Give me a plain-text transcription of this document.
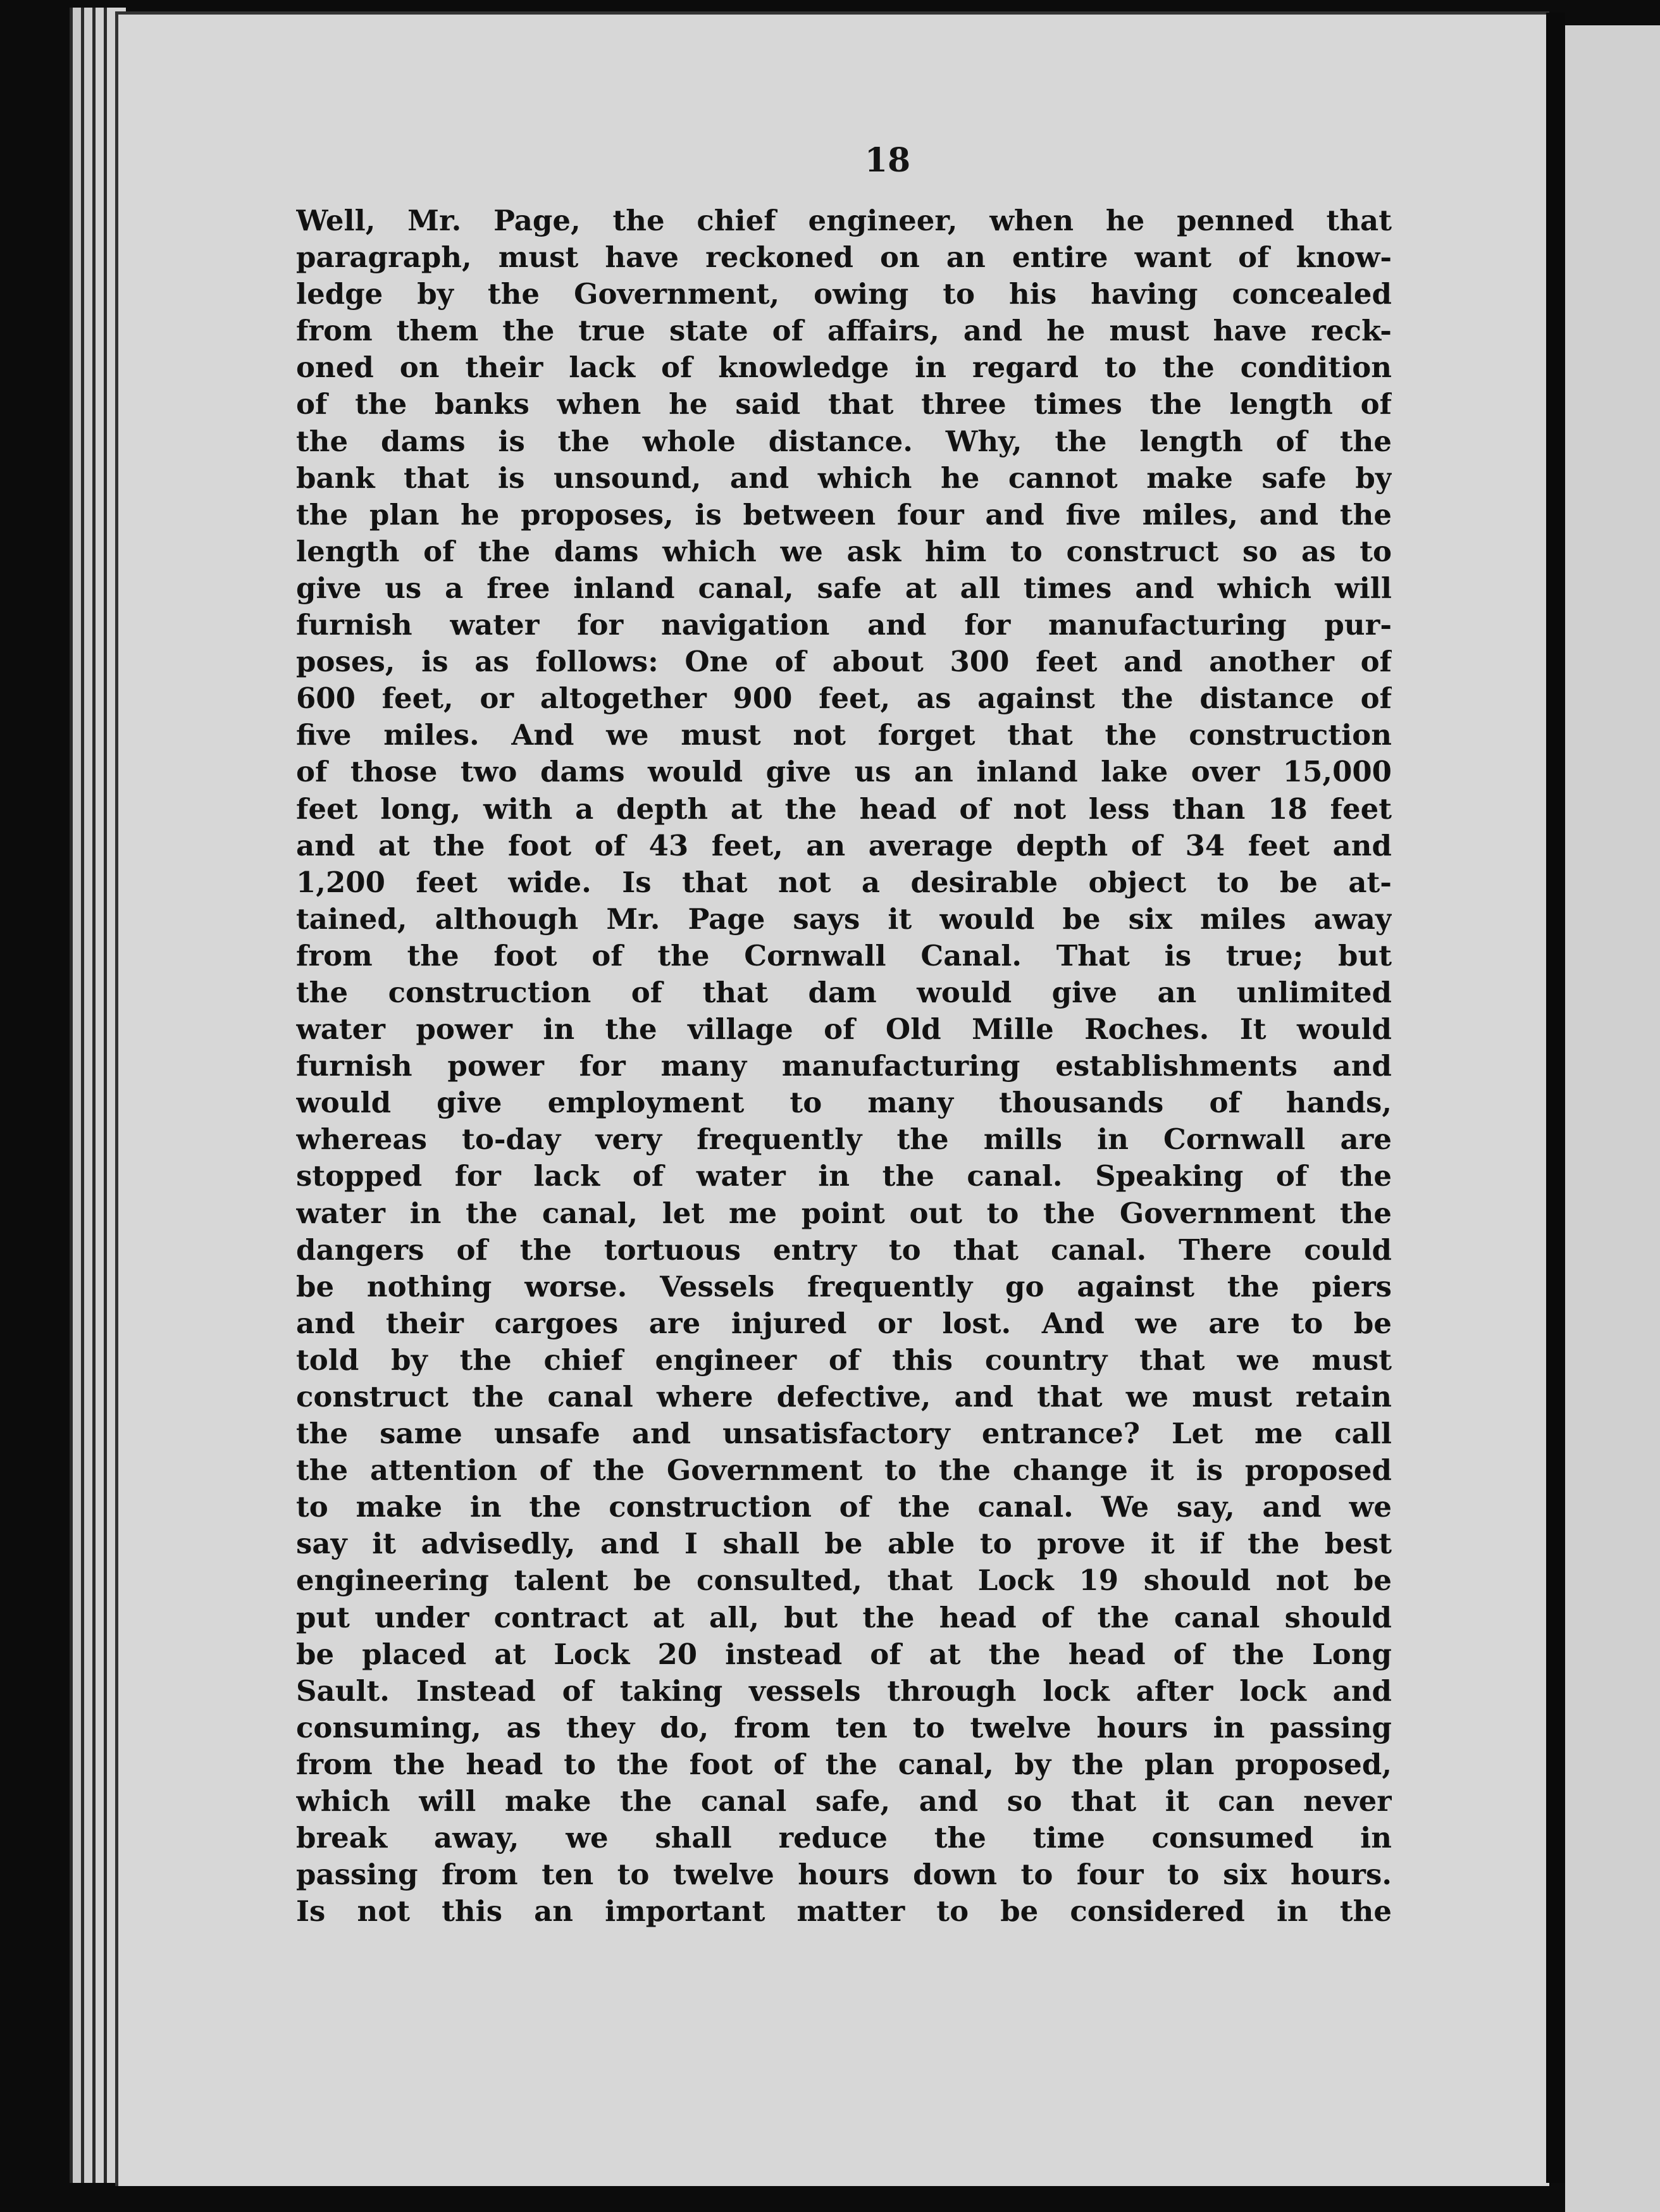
18
Well, Mr. Page, the chief engineer, when he penned that
paragraph, must have reckoned on an entire want of know-
ledge by the Government, owing to his having concealed
from them the true state of affairs, and he must have reck-
oned on their lack of knowledge in regard to the condition
of the banks when he said that three times the length of
the dams is the whole distance. Why, the length of the
bank that is unsound, and which he cannot make safe by
the plan he proposes, is between four and five miles, and the
length of the dams which we ask him to construct so as to
give us a free inland canal, safe at all times and which will
furnish water for navigation and for manufacturing pur-
poses, is as follows: One of about 300 feet and another of
600 feet, or altogether 900 feet, as against the distance of
five miles. And we must not forget that the construction
of those two dams would give us an inland lake over 15,000
feet long, with a depth at the head of not less than 18 feet
and at the foot of 43 feet, an average depth of 34 feet and
1,200 feet wide. Is that not a desirable object to be at-
tained, although Mr. Page says it would be six miles away
from the foot of the Cornwall Canal. That is true; but
the construction of that dam would give an unlimited
water power in the village of Old Mille Roches. It would
furnish power for many manufacturing establishments and
would give employment to many thousands of hands,
whereas to-day very frequently the mills in Cornwall are
stopped for lack of water in the canal. Speaking of the
water in the canal, let me point out to the Government the
dangers of the tortuous entry to that canal. There could
be nothing worse. Vessels frequently go against the piers
and their cargoes are injured or lost. And we are to be
told by the chief engineer of this country that we must
construct the canal where defective, and that we must retain
the same unsafe and unsatisfactory entrance? Let me call
the attention of the Government to the change it is proposed
to make in the construction of the canal. We say, and we
say it advisedly, and I shall be able to prove it if the best
engineering talent be consulted, that Lock 19 should not be
put under contract at all, but the head of the canal should
be placed at Lock 20 instead of at the head of the Long
Sault. Instead of taking vessels through lock after lock and
consuming, as they do, from ten to twelve hours in passing
from the head to the foot of the canal, by the plan proposed,
which will make the canal safe, and so that it can never
break away, we shall reduce the time consumed in
passing from ten to twelve hours down to four to six hours.
Is not this an important matter to be considered in the
